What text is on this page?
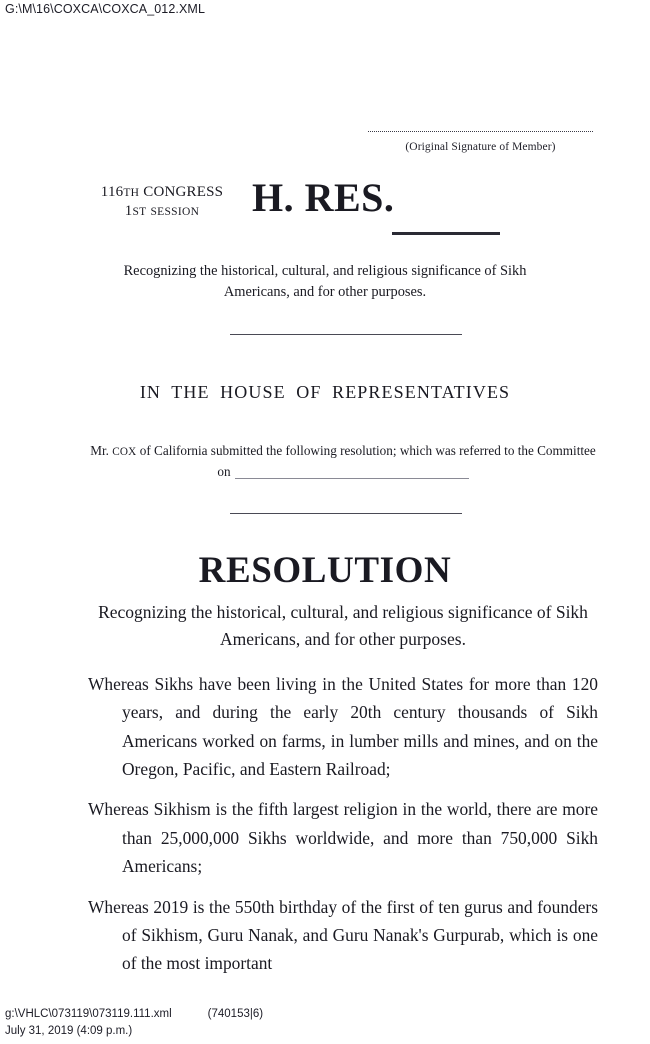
G:\M\16\COXCA\COXCA_012.XML
(Original Signature of Member)
116TH CONGRESS
1ST SESSION	H. RES.
Recognizing the historical, cultural, and religious significance of Sikh Americans, and for other purposes.
IN THE HOUSE OF REPRESENTATIVES
Mr. COX of California submitted the following resolution; which was referred to the Committee on
RESOLUTION
Recognizing the historical, cultural, and religious significance of Sikh Americans, and for other purposes.
Whereas Sikhs have been living in the United States for more than 120 years, and during the early 20th century thousands of Sikh Americans worked on farms, in lumber mills and mines, and on the Oregon, Pacific, and Eastern Railroad;
Whereas Sikhism is the fifth largest religion in the world, there are more than 25,000,000 Sikhs worldwide, and more than 750,000 Sikh Americans;
Whereas 2019 is the 550th birthday of the first of ten gurus and founders of Sikhism, Guru Nanak, and Guru Nanak's Gurpurab, which is one of the most important
g:\VHLC\073119\073119.111.xml	(740153|6)
July 31, 2019 (4:09 p.m.)
